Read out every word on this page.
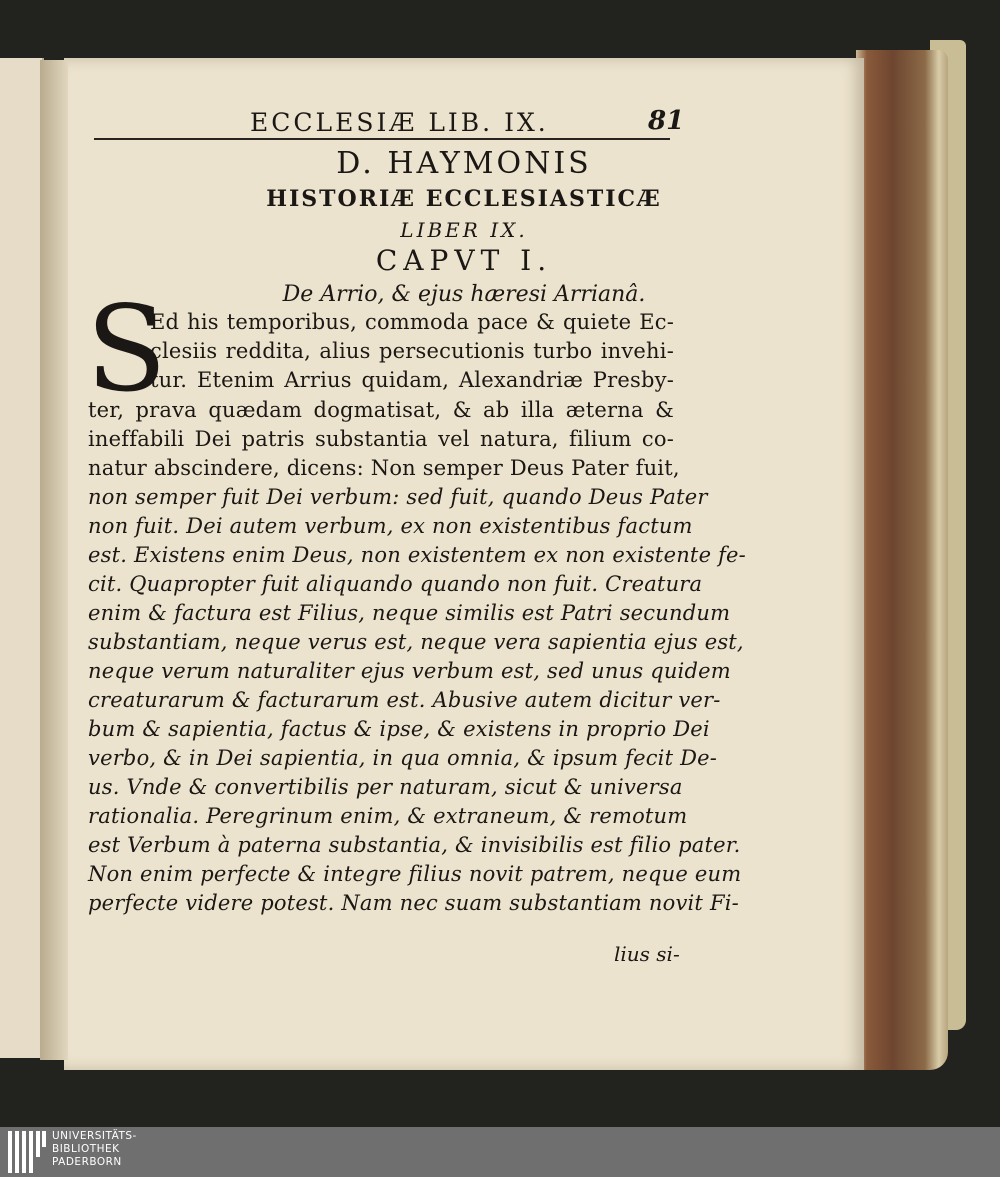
ECCLESIÆ LIB. IX.	81
D. HAYMONIS
HISTORIÆ ECCLESIASTICÆ
LIBER IX.
CAPVT I.
De Arrio, & ejus hæresi Arrianâ.
S
Ed his temporibus, commoda pace & quiete Ec-
clesiis reddita, alius persecutionis turbo invehi-
tur. Etenim Arrius quidam, Alexandriæ Presby-
ter, prava quædam dogmatisat, & ab illa æterna &
ineffabili Dei patris substantia vel natura, filium co-
natur abscindere, dicens: Non semper Deus Pater fuit,
non semper fuit Dei verbum: sed fuit, quando Deus Pater
non fuit. Dei autem verbum, ex non existentibus factum
est. Existens enim Deus, non existentem ex non existente fe-
cit. Quapropter fuit aliquando quando non fuit. Creatura
enim & factura est Filius, neque similis est Patri secundum
substantiam, neque verus est, neque vera sapientia ejus est,
neque verum naturaliter ejus verbum est, sed unus quidem
creaturarum & facturarum est. Abusive autem dicitur ver-
bum & sapientia, factus & ipse, & existens in proprio Dei
verbo, & in Dei sapientia, in qua omnia, & ipsum fecit De-
us. Vnde & convertibilis per naturam, sicut & universa
rationalia. Peregrinum enim, & extraneum, & remotum
est Verbum à paterna substantia, & invisibilis est filio pater.
Non enim perfecte & integre filius novit patrem, neque eum
perfecte videre potest. Nam nec suam substantiam novit Fi-
lius si-
UNIVERSITÄTS-
BIBLIOTHEK
PADERBORN
